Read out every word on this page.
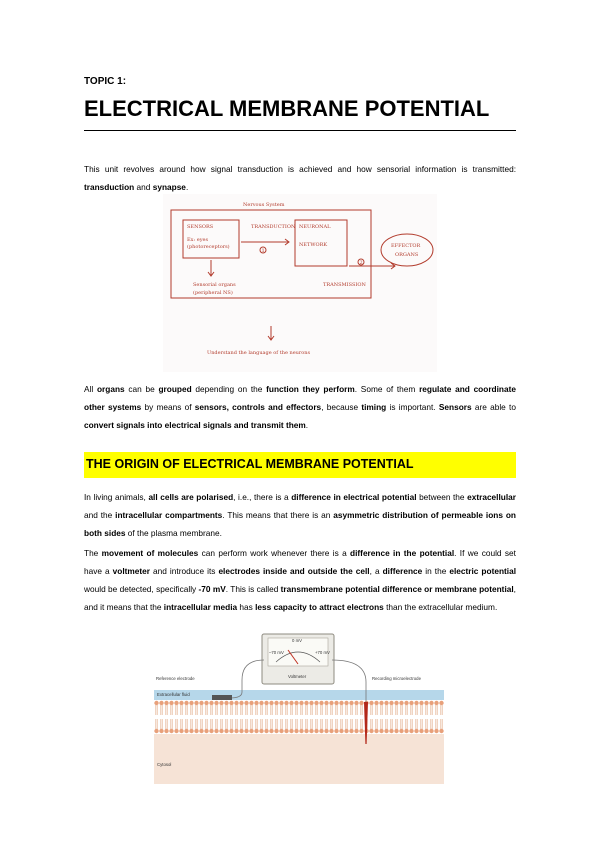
TOPIC 1:
ELECTRICAL MEMBRANE POTENTIAL

This unit revolves around how signal transduction is achieved and how sensorial information is transmitted: transduction and synapse.

Nervous System
SENSORS
Ex: eyes
(photoreceptors)
TRANSDUCTION
1
NEURONAL
NETWORK
2
EFFECTOR
ORGANS
Sensorial organs
(peripheral NS)
TRANSMISSION
Understand the language of the neurons

All organs can be grouped depending on the function they perform. Some of them regulate and coordinate other systems by means of sensors, controls and effectors, because timing is important. Sensors are able to convert signals into electrical signals and transmit them.

THE ORIGIN OF ELECTRICAL MEMBRANE POTENTIAL

In living animals, all cells are polarised, i.e., there is a difference in electrical potential between the extracellular and the intracellular compartments. This means that there is an asymmetric distribution of permeable ions on both sides of the plasma membrane.

The movement of molecules can perform work whenever there is a difference in the potential. If we could set have a voltmeter and introduce its electrodes inside and outside the cell, a difference in the electric potential would be detected, specifically -70 mV. This is called transmembrane potential difference or membrane potential, and it means that the intracellular media has less capacity to attract electrons than the extracellular medium.

Extracellular fluid
Cytosol
0 mV
–70 mV	+70 mV
Voltmeter
Reference electrode	Recording microelectrode
